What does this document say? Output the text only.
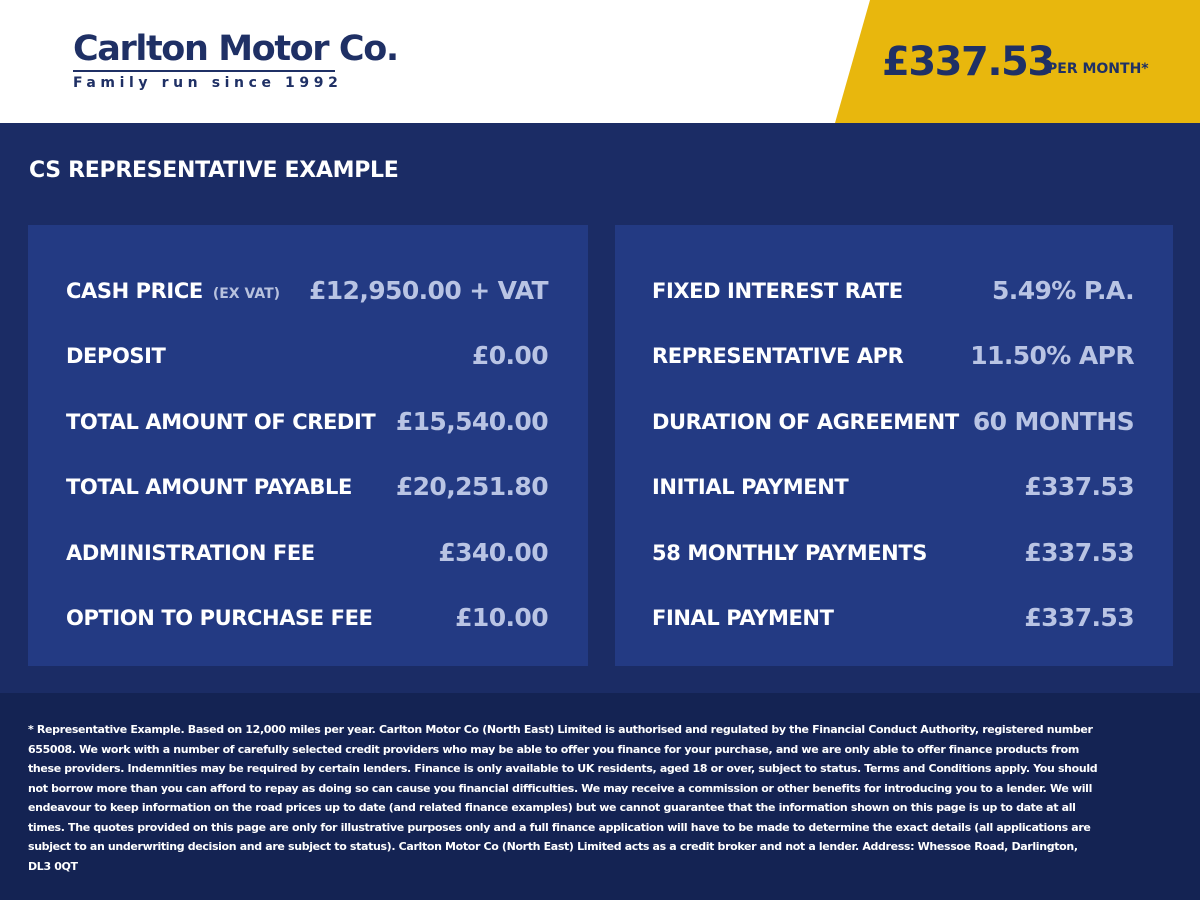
Carlton Motor Co.
Family run since 1992	£337.53
PER MONTH*
CS REPRESENTATIVE EXAMPLE
CASH PRICE (EX VAT) £12,950.00 + VAT
DEPOSIT	£0.00
TOTAL AMOUNT OF CREDIT £15,540.00
TOTAL AMOUNT PAYABLE £20,251.80
ADMINISTRATION FEE	£340.00
OPTION TO PURCHASE FEE	£10.00
FIXED INTEREST RATE	5.49% P.A.
REPRESENTATIVE APR	11.50% APR
DURATION OF AGREEMENT 60 MONTHS
INITIAL PAYMENT	£337.53
58 MONTHLY PAYMENTS	£337.53
FINAL PAYMENT	£337.53
* Representative Example. Based on 12,000 miles per year. Carlton Motor Co (North East) Limited is authorised and regulated by the Financial Conduct Authority, registered number 655008. We work with a number of carefully selected credit providers who may be able to offer you finance for your purchase, and we are only able to offer finance products from these providers. Indemnities may be required by certain lenders. Finance is only available to UK residents, aged 18 or over, subject to status. Terms and Conditions apply. You should not borrow more than you can afford to repay as doing so can cause you financial difficulties. We may receive a commission or other benefits for introducing you to a lender. We will endeavour to keep information on the road prices up to date (and related finance examples) but we cannot guarantee that the information shown on this page is up to date at all times. The quotes provided on this page are only for illustrative purposes only and a full finance application will have to be made to determine the exact details (all applications are subject to an underwriting decision and are subject to status). Carlton Motor Co (North East) Limited acts as a credit broker and not a lender. Address: Whessoe Road, Darlington, DL3 0QT
